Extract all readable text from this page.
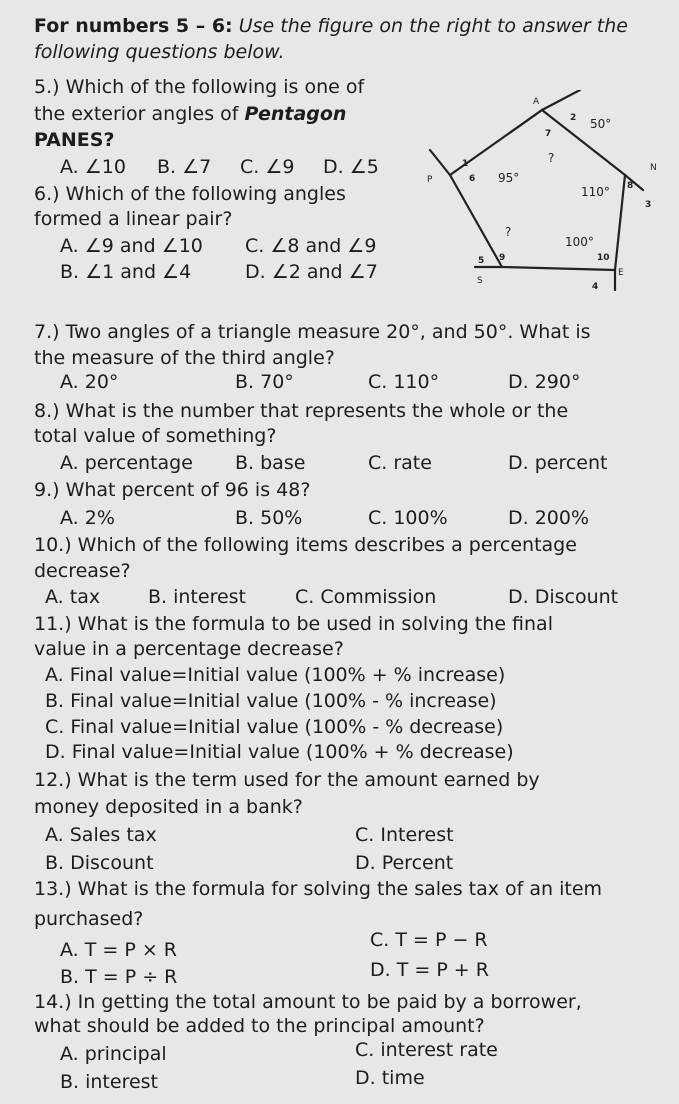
For numbers 5 – 6: Use the figure on the right to answer the
following questions below.
5.) Which of the following is one of
the exterior angles of Pentagon
PANES?
A. ∠10 B. ∠7 C. ∠9 D. ∠5
6.) Which of the following angles
formed a linear pair?
A. ∠9 and ∠10 C. ∠8 and ∠9
B. ∠1 and ∠4	D. ∠2 and ∠7
A
N
E
S
P
50°
95°
110°
100°
?
?
1
2
3
4
5
6
7
8
9	10
7.) Two angles of a triangle measure 20°, and 50°. What is
the measure of the third angle?
A. 20°	B. 70°	C. 110°	D. 290°
8.) What is the number that represents the whole or the
total value of something?
A. percentage B. base	C. rate	D. percent
9.) What percent of 96 is 48?
A. 2%	B. 50%	C. 100%	D. 200%
10.) Which of the following items describes a percentage
decrease?
A. tax	B. interest	C. Commission	D. Discount
11.) What is the formula to be used in solving the final
value in a percentage decrease?
A. Final value=Initial value (100% + % increase)
B. Final value=Initial value (100% - % increase)
C. Final value=Initial value (100% - % decrease)
D. Final value=Initial value (100% + % decrease)
12.) What is the term used for the amount earned by
money deposited in a bank?
A. Sales tax	C. Interest
B. Discount	D. Percent
13.) What is the formula for solving the sales tax of an item
purchased?
A. T = P × R	C. T = P − R
B. T = P ÷ R	D. T = P + R
14.) In getting the total amount to be paid by a borrower,
what should be added to the principal amount?
A. principal	C. interest rate
B. interest	D. time
